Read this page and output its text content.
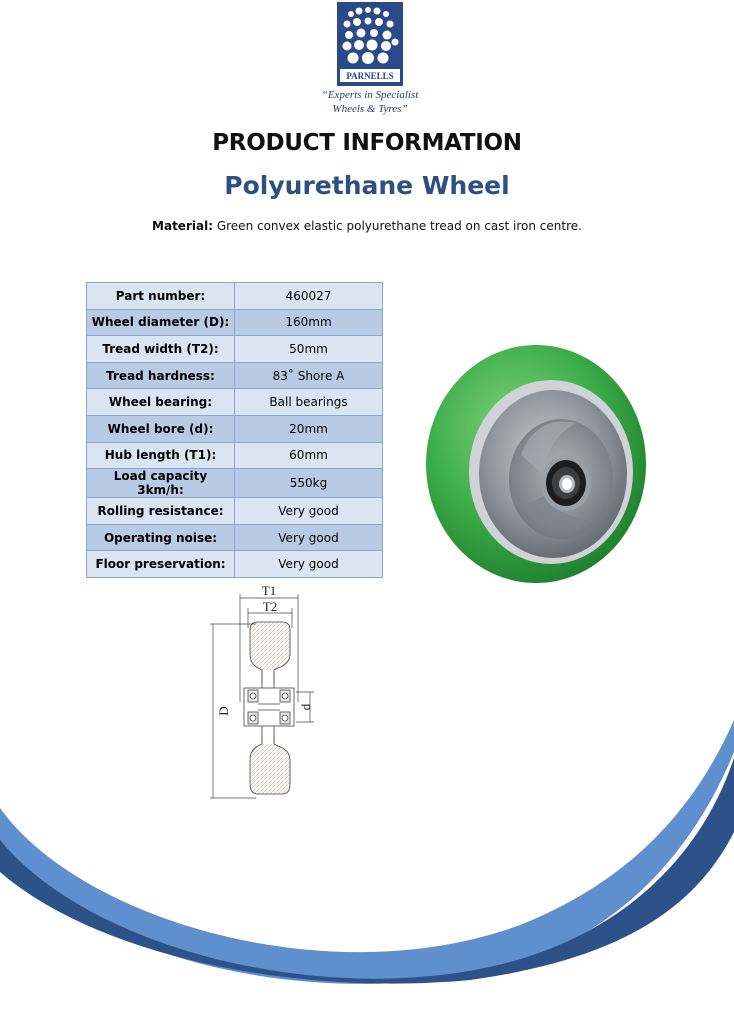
PARNELLS
“Experts in Specialist
Wheels & Tyres”
PRODUCT INFORMATION
Polyurethane Wheel
Material: Green convex elastic polyurethane tread on cast iron centre.
Part number:	460027
Wheel diameter (D):	160mm
Tread width (T2):	50mm
Tread hardness:	83˚ Shore A
Wheel bearing:	Ball bearings
Wheel bore (d):	20mm
Hub length (T1):	60mm
Load capacity 3km/h:	550kg
Rolling resistance:	Very good
Operating noise:	Very good
Floor preservation:	Very good
T1
T2
D	d
